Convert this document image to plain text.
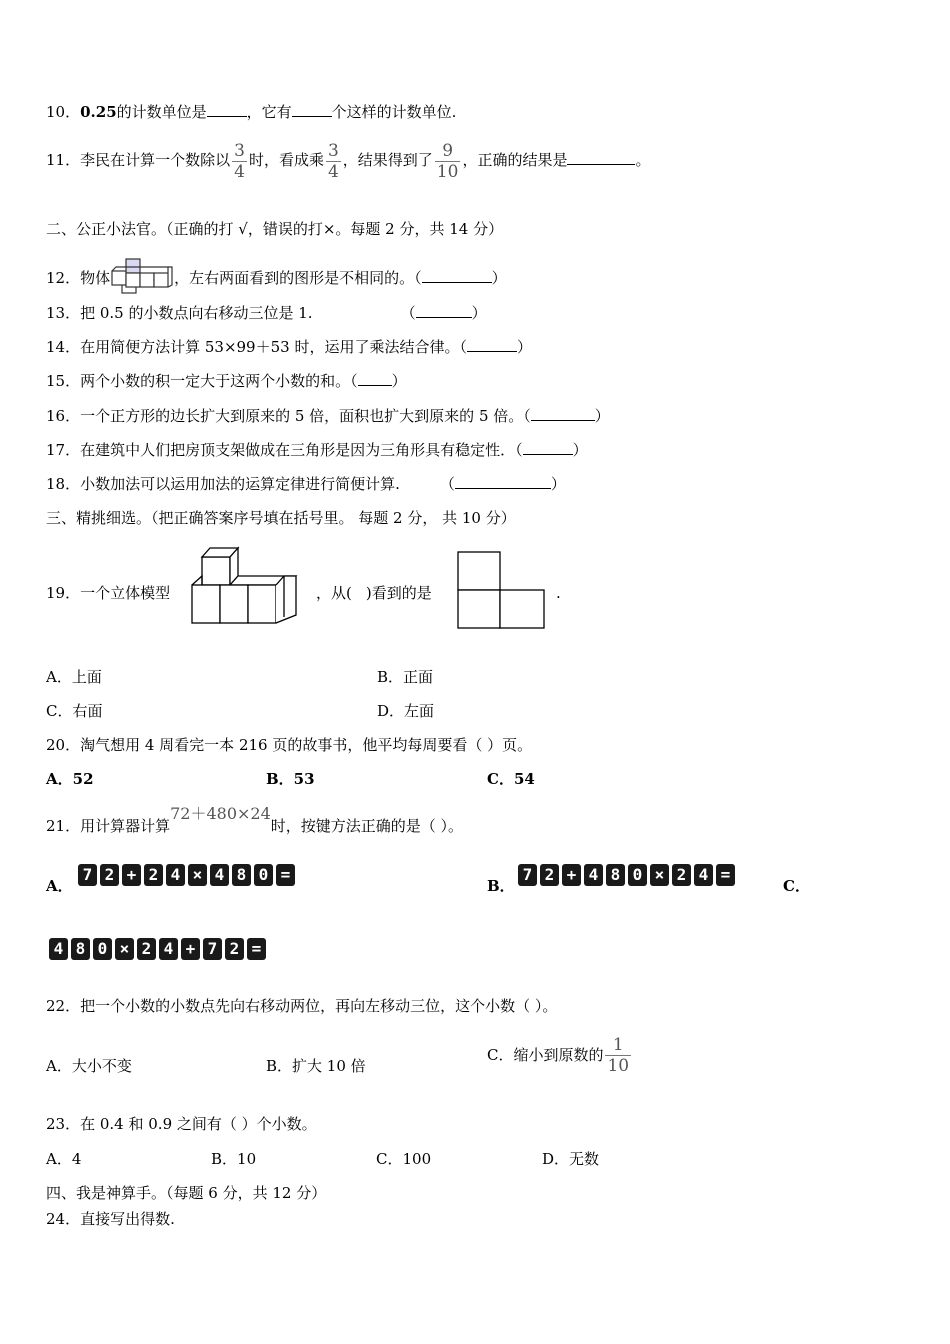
10．0.25的计数单位是	，它有	个这样的计数单位.
11．李民在计算一个数除以 $\frac{3}{4}$ 时，看成乘 $\frac{3}{4}$ ，结果得到了 $\frac{9}{10}$ ，正确的结果是	。
二、公正小法官。（正确的打 √，错误的打×。每题 2 分，共 14 分）
12．物体	，左右两面看到的图形是不相同的。（	）
13．把 0.5 的小数点向右移动三位是 1.	（	）
14．在用简便方法计算 53×99＋53 时，运用了乘法结合律。（	）
15．两个小数的积一定大于这两个小数的和。（ ）
16．一个正方形的边长扩大到原来的 5 倍，面积也扩大到原来的 5 倍。（	）
17．在建筑中人们把房顶支架做成在三角形是因为三角形具有稳定性．（	）
18．小数加法可以运用加法的运算定律进行简便计算.	（	）
三、精挑细选。（把正确答案序号填在括号里。 每题 2 分， 共 10 分）
19．一个立体模型	，从( )看到的是	.
A．上面	B．正面
C．右面	D．左面
20．淘气想用 4 周看完一本 216 页的故事书，他平均每周要看（ ）页。
A．52	B．53	C．54
21．用计算器计算72＋480×24时，按键方法正确的是（ ）。
A．
7 2 + 2 4 × 4 8 0 =
B．
7 2 + 4 8 0 × 2 4 =
C．
4 8 0 × 2 4 + 7 2 =
22．把一个小数的小数点先向右移动两位，再向左移动三位，这个小数（ ）。
A．大小不变	B．扩大 10 倍
C．缩小到原数的 $\frac{1}{10}$
23．在 0.4 和 0.9 之间有（ ）个小数。
A．4	B．10	C．100	D．无数
四、我是神算手。（每题 6 分，共 12 分）
24．直接写出得数.
